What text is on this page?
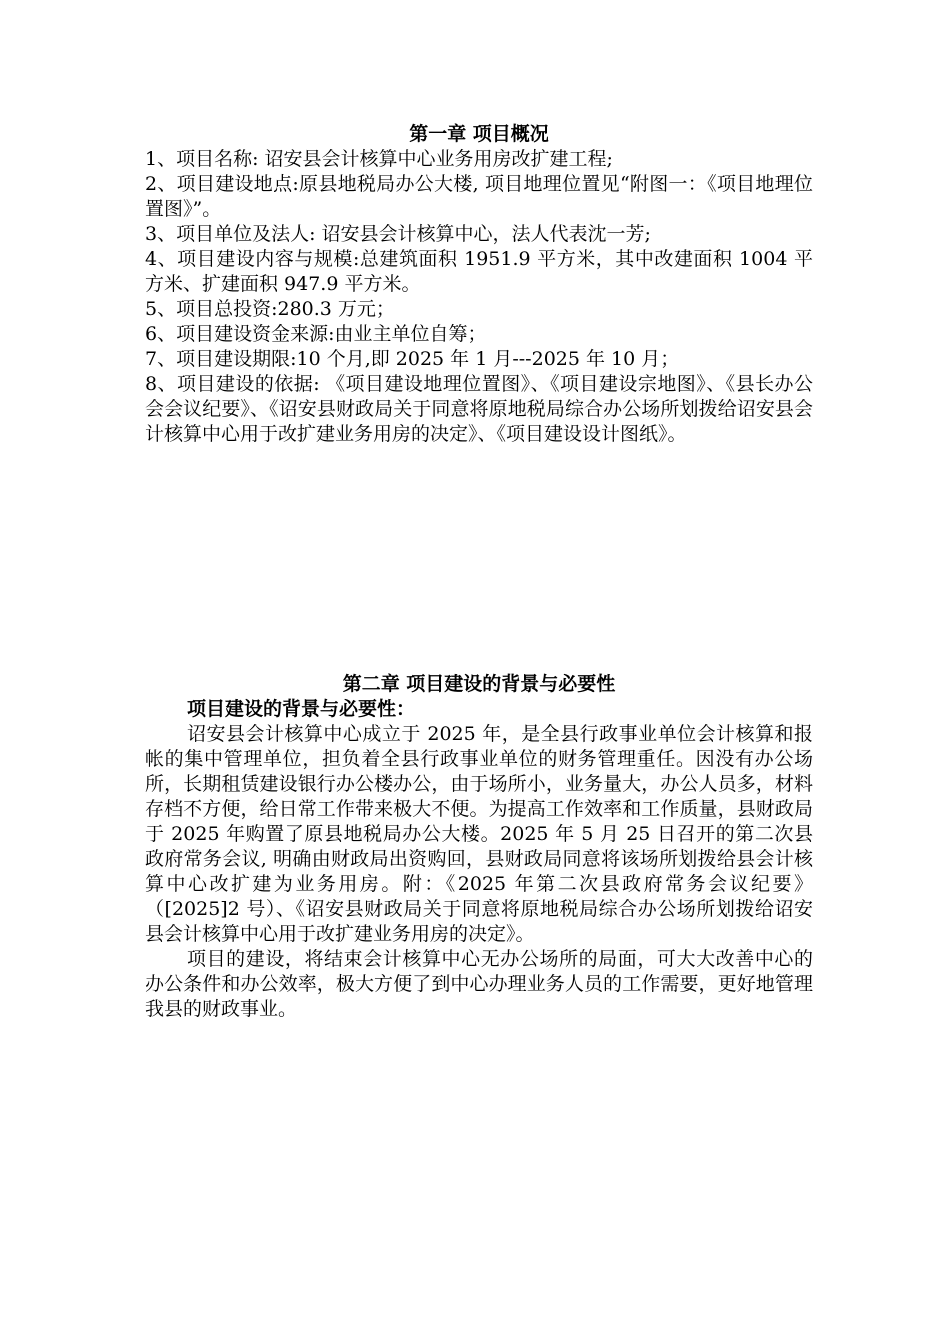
第一章 项目概况

1、项目名称: 诏安县会计核算中心业务用房改扩建工程;

2、项目建设地点:原县地税局办公大楼, 项目地理位置见“附图一：《项目地理位置图》”。

3、项目单位及法人: 诏安县会计核算中心，法人代表沈一芳;

4、项目建设内容与规模:总建筑面积 1951.9 平方米，其中改建面积 1004 平方米、扩建面积 947.9 平方米。

5、项目总投资:280.3 万元；

6、项目建设资金来源:由业主单位自筹；

7、项目建设期限:10 个月,即 2025 年 1 月---2025 年 10 月；

8、项目建设的依据: 《项目建设地理位置图》、《项目建设宗地图》、《县长办公会会议纪要》、《诏安县财政局关于同意将原地税局综合办公场所划拨给诏安县会计核算中心用于改扩建业务用房的决定》、《项目建设设计图纸》。

第二章 项目建设的背景与必要性

项目建设的背景与必要性：

诏安县会计核算中心成立于 2025 年，是全县行政事业单位会计核算和报帐的集中管理单位，担负着全县行政事业单位的财务管理重任。因没有办公场所，长期租赁建设银行办公楼办公，由于场所小，业务量大，办公人员多，材料存档不方便，给日常工作带来极大不便。为提高工作效率和工作质量，县财政局于 2025 年购置了原县地税局办公大楼。2025 年 5 月 25 日召开的第二次县政府常务会议, 明确由财政局出资购回，县财政局同意将该场所划拨给县会计核算中心改扩建为业务用房。附：《2025 年第二次县政府常务会议纪要》（[2025]2 号）、《诏安县财政局关于同意将原地税局综合办公场所划拨给诏安县会计核算中心用于改扩建业务用房的决定》。

项目的建设，将结束会计核算中心无办公场所的局面，可大大改善中心的办公条件和办公效率，极大方便了到中心办理业务人员的工作需要，更好地管理我县的财政事业。
